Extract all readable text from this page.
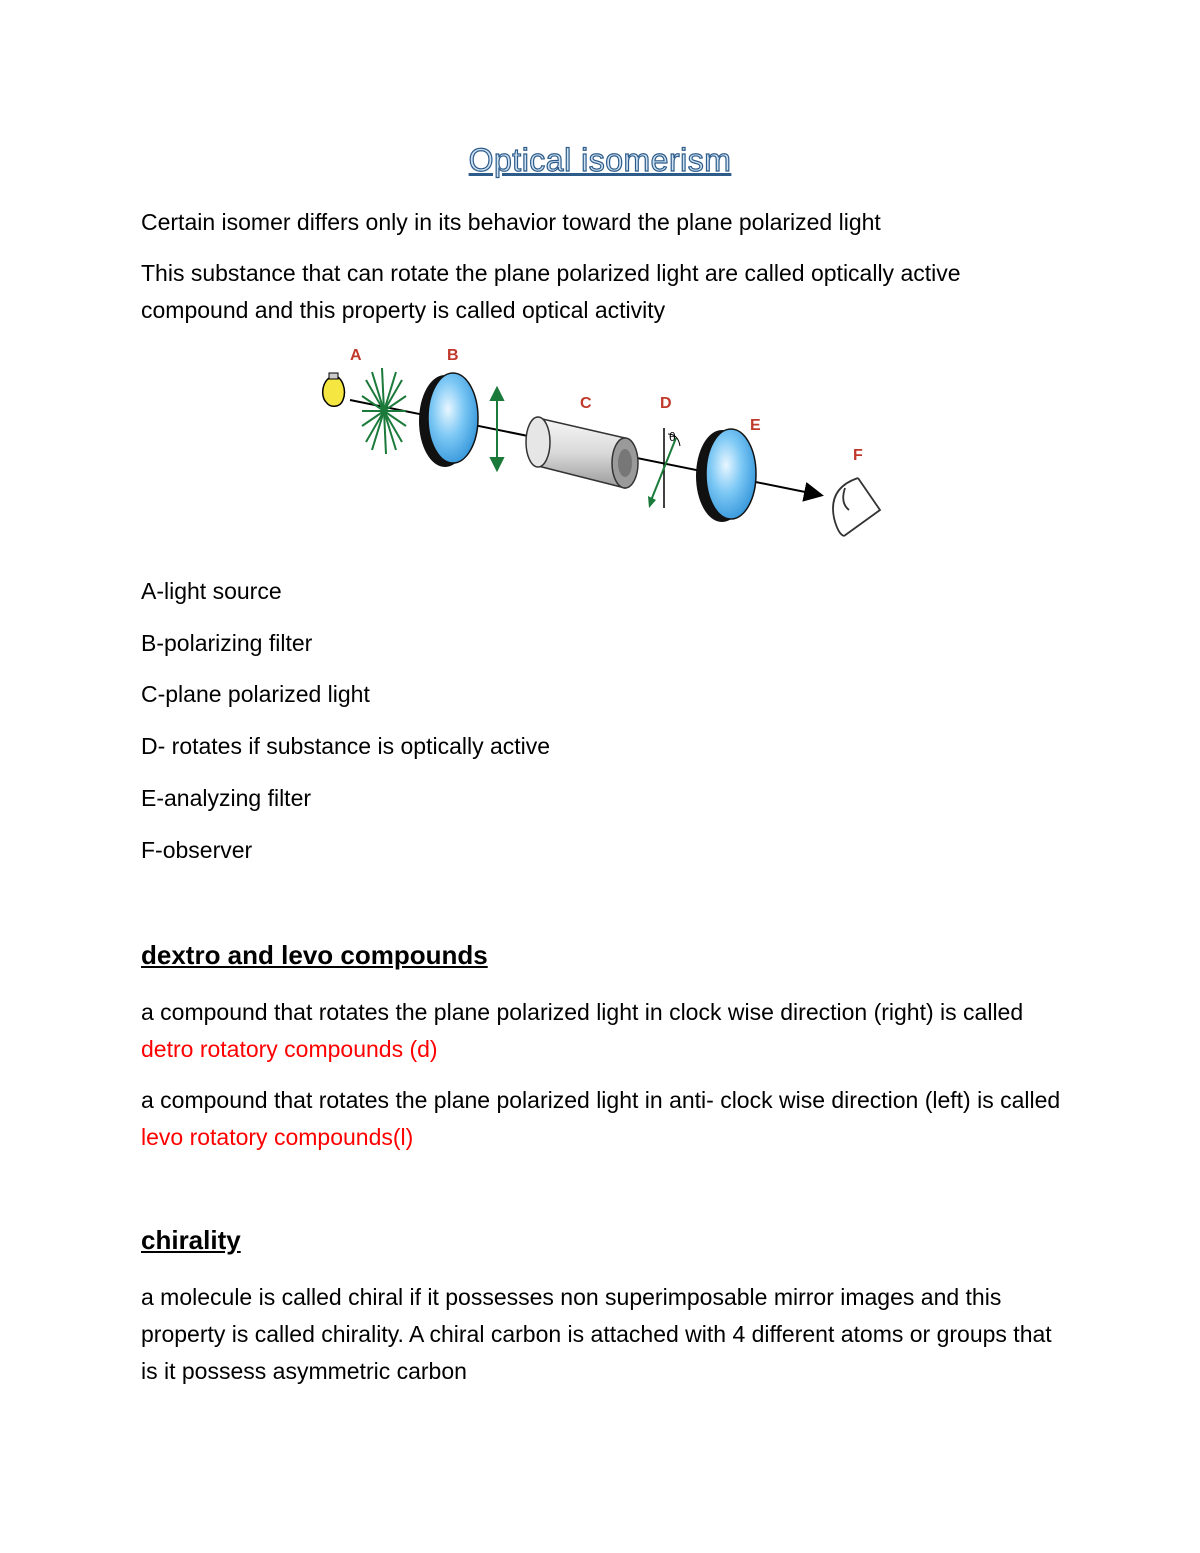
Optical isomerism

Certain isomer differs only in its behavior toward the plane polarized light

This substance that can rotate the plane polarized light are called optically active compound and this property is called optical activity

A	B
C	D
θ
E
F

A-light source

B-polarizing filter

C-plane polarized light

D- rotates if substance is optically active

E-analyzing filter

F-observer

dextro and levo compounds

a compound that rotates the plane polarized light in clock wise direction (right) is called detro rotatory compounds (d)

a compound that rotates the plane polarized light in anti- clock wise direction (left) is called levo rotatory compounds(l)

chirality

a molecule is called chiral if it possesses non superimposable mirror images and this property is called chirality. A chiral carbon is attached with 4 different atoms or groups that is it possess asymmetric carbon
